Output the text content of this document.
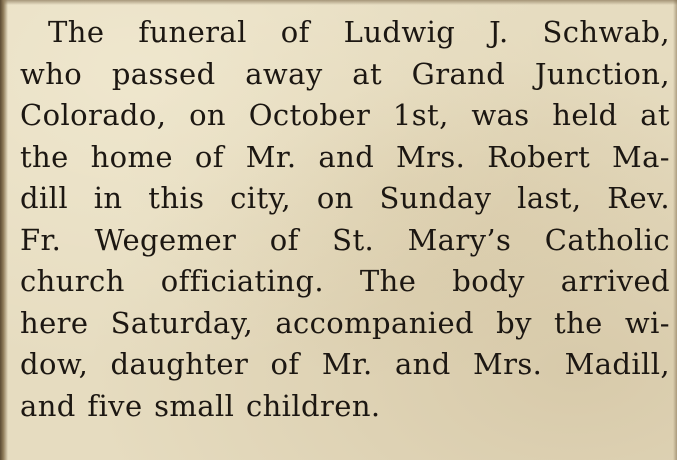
The funeral of Ludwig J. Schwab,
who passed away at Grand Junction,
Colorado, on October 1st, was held at
the home of Mr. and Mrs. Robert Ma-
dill in this city, on Sunday last, Rev.
Fr. Wegemer of St. Mary’s Catholic
church officiating. The body arrived
here Saturday, accompanied by the wi-
dow, daughter of Mr. and Mrs. Madill,
and five small children.
